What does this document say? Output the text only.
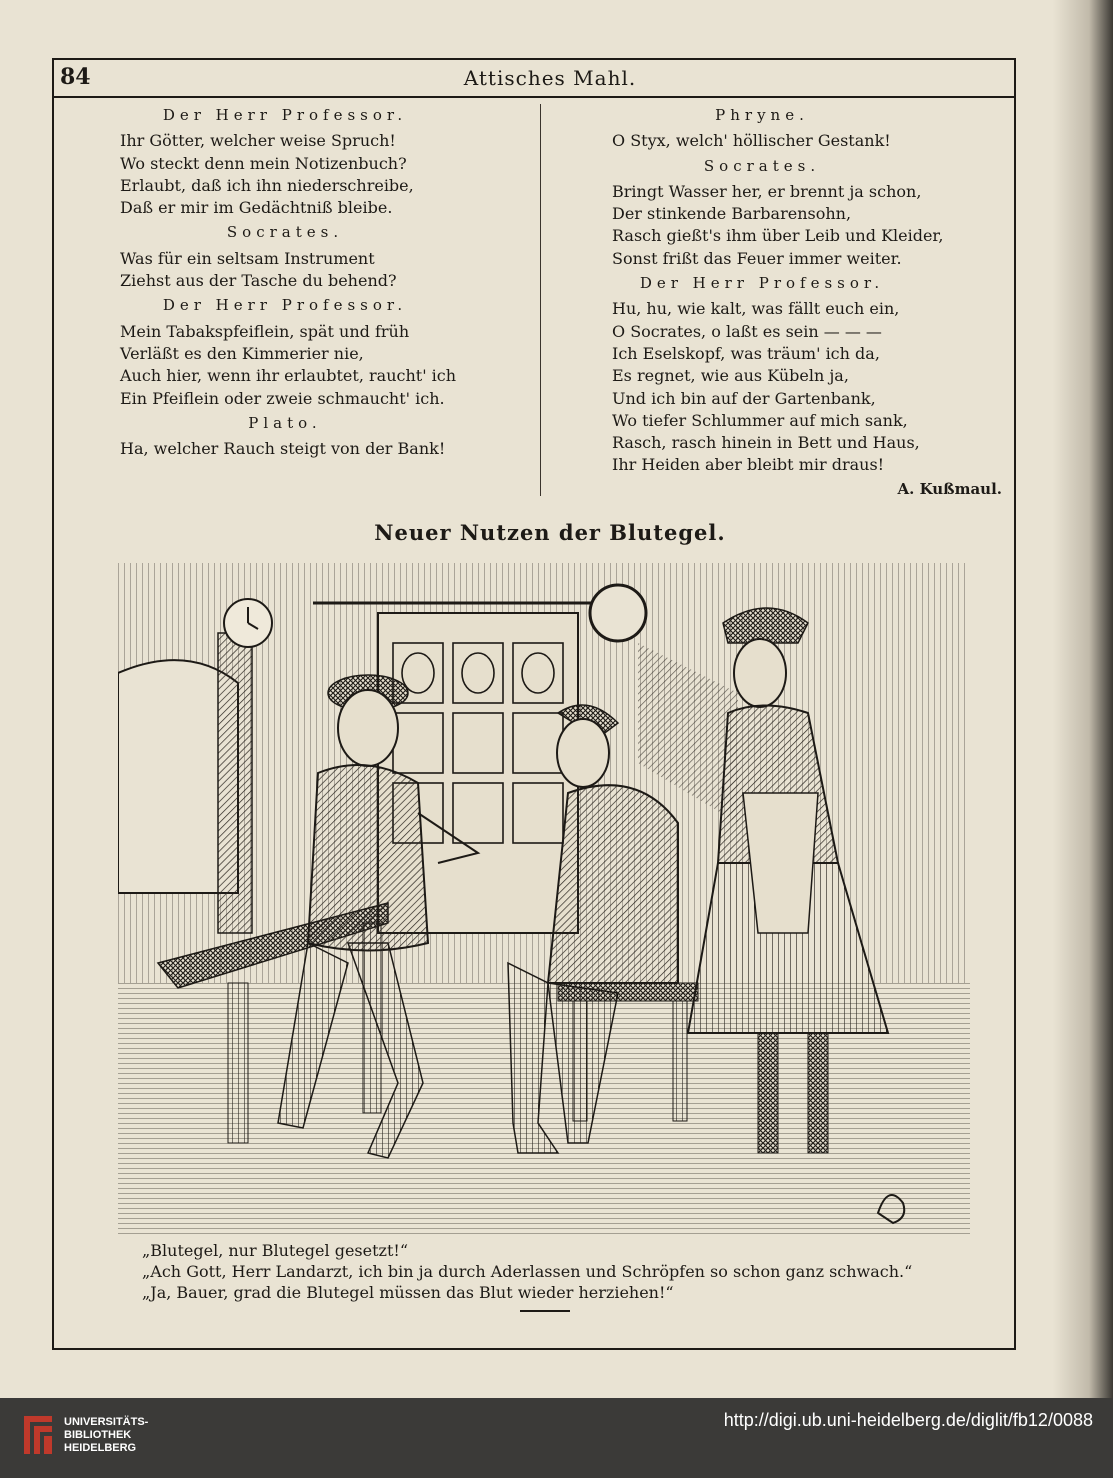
84	Attisches Mahl.
Der Herr Professor.
Ihr Götter, welcher weise Spruch!
Wo steckt denn mein Notizenbuch?
Erlaubt, daß ich ihn niederschreibe,
Daß er mir im Gedächtniß bleibe.
Socrates.
Was für ein seltsam Instrument
Ziehst aus der Tasche du behend?
Der Herr Professor.
Mein Tabakspfeiflein, spät und früh
Verläßt es den Kimmerier nie,
Auch hier, wenn ihr erlaubtet, raucht' ich
Ein Pfeiflein oder zweie schmaucht' ich.
Plato.
Ha, welcher Rauch steigt von der Bank!
Phryne.
O Styx, welch' höllischer Gestank!
Socrates.
Bringt Wasser her, er brennt ja schon,
Der stinkende Barbarensohn,
Rasch gießt's ihm über Leib und Kleider,
Sonst frißt das Feuer immer weiter.
Der Herr Professor.
Hu, hu, wie kalt, was fällt euch ein,
O Socrates, o laßt es sein — — —
Ich Eselskopf, was träum' ich da,
Es regnet, wie aus Kübeln ja,
Und ich bin auf der Gartenbank,
Wo tiefer Schlummer auf mich sank,
Rasch, rasch hinein in Bett und Haus,
Ihr Heiden aber bleibt mir draus!
A. Kußmaul.
Neuer Nutzen der Blutegel.
„Blutegel, nur Blutegel gesetzt!“
„Ach Gott, Herr Landarzt, ich bin ja durch Aderlassen und Schröpfen so schon ganz schwach.“
„Ja, Bauer, grad die Blutegel müssen das Blut wieder herziehen!“
UNIVERSITÄTS-
BIBLIOTHEK
HEIDELBERG
http://digi.ub.uni-heidelberg.de/diglit/fb12/0088
